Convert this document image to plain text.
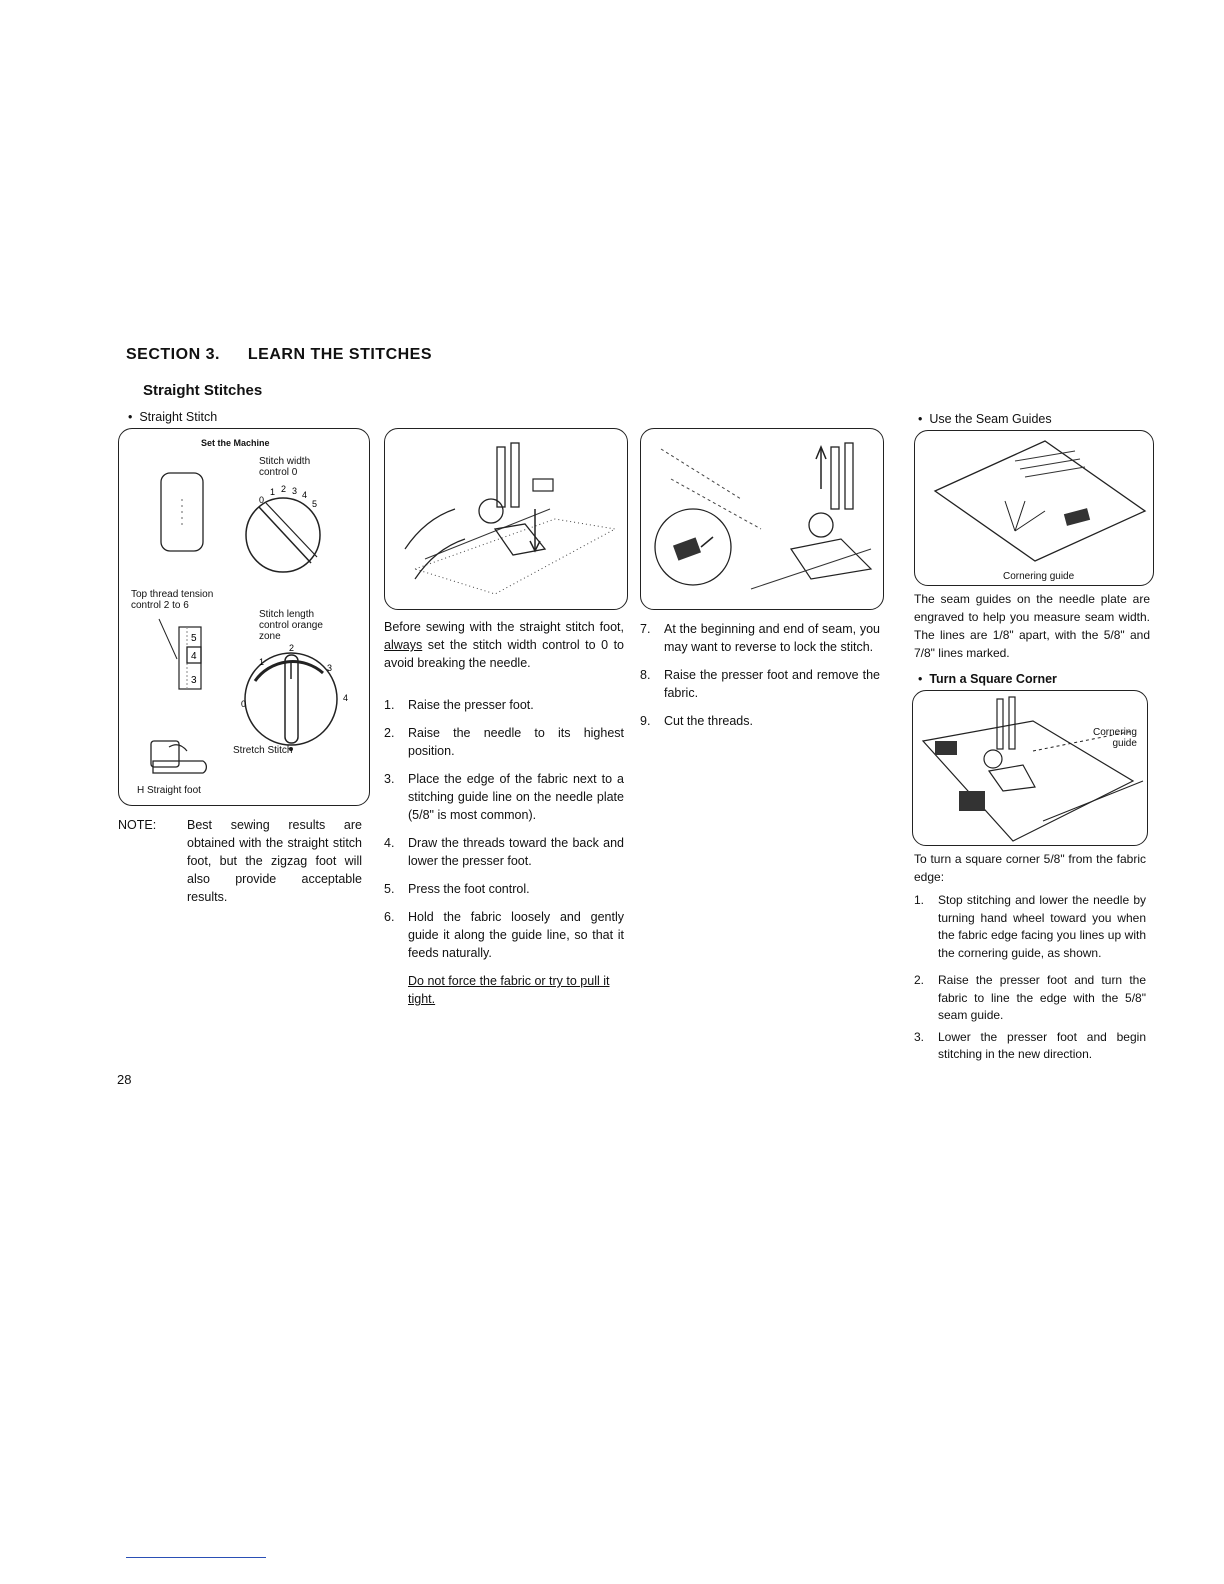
SECTION 3. LEARN THE STITCHES
Straight Stitches
•  Straight Stitch
Set the Machine
Stitch width
control 0
0
1 2 3 4
5
5
4
3
0
1
2
3
4
Top thread tension
control 2 to 6
Stitch length
control orange
zone
Stretch Stitch
H Straight foot
NOTE:	Best sewing results are obtained with the straight stitch foot, but the zigzag foot will also provide acceptable results.
Before sewing with the straight stitch foot, always set the stitch width control to 0 to avoid breaking the needle.
1. Raise the presser foot.
2. Raise the needle to its highest position.
3. Place the edge of the fabric next to a stitching guide line on the needle plate (5/8" is most common).
4. Draw the threads toward the back and lower the presser foot.
5. Press the foot control.
6. Hold the fabric loosely and gently guide it along the guide line, so that it feeds naturally.
Do not force the fabric or try to pull it tight.
7. At the beginning and end of seam, you may want to reverse to lock the stitch.
8. Raise the presser foot and remove the fabric.
9. Cut the threads.
•  Use the Seam Guides
Cornering guide
The seam guides on the needle plate are engraved to help you measure seam width. The lines are 1/8" apart, with the 5/8" and 7/8" lines marked.
•  Turn a Square Corner
Cornering
guide
To turn a square corner 5/8" from the fabric edge:
1. Stop stitching and lower the needle by turning hand wheel toward you when the fabric edge facing you lines up with the cornering guide, as shown.
2. Raise the presser foot and turn the fabric to line the edge with the 5/8" seam guide.
3. Lower the presser foot and begin stitching in the new direction.
28
